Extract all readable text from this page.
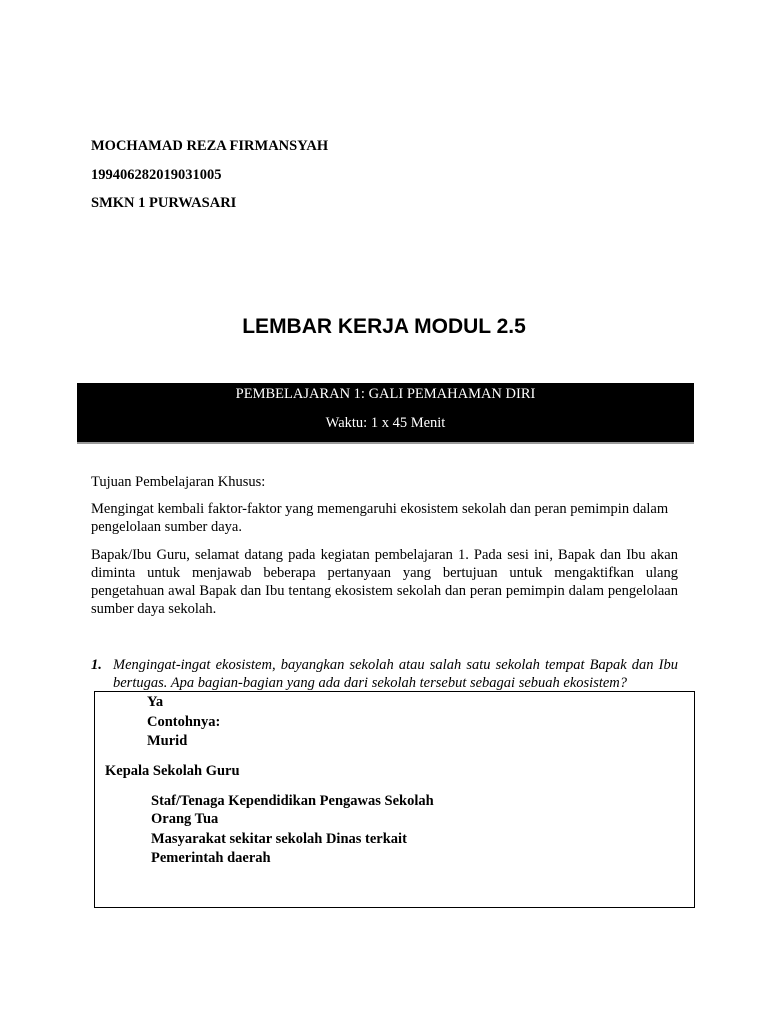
MOCHAMAD REZA FIRMANSYAH
199406282019031005
SMKN 1 PURWASARI
LEMBAR KERJA MODUL 2.5
PEMBELAJARAN 1: GALI PEMAHAMAN DIRI
Waktu: 1 x 45 Menit
Tujuan Pembelajaran Khusus:
Mengingat kembali faktor-faktor yang memengaruhi ekosistem sekolah dan peran pemimpin dalam pengelolaan sumber daya.
Bapak/Ibu Guru, selamat datang pada kegiatan pembelajaran 1. Pada sesi ini, Bapak dan Ibu akan diminta untuk menjawab beberapa pertanyaan yang bertujuan untuk mengaktifkan ulang pengetahuan awal Bapak dan Ibu tentang ekosistem sekolah dan peran pemimpin dalam pengelolaan sumber daya sekolah.
1. Mengingat-ingat ekosistem, bayangkan sekolah atau salah satu sekolah tempat Bapak dan Ibu bertugas. Apa bagian-bagian yang ada dari sekolah tersebut sebagai sebuah ekosistem?
Ya
Contohnya:
Murid
Kepala Sekolah Guru
Staf/Tenaga Kependidikan Pengawas Sekolah
Orang Tua
Masyarakat sekitar sekolah Dinas terkait
Pemerintah daerah
